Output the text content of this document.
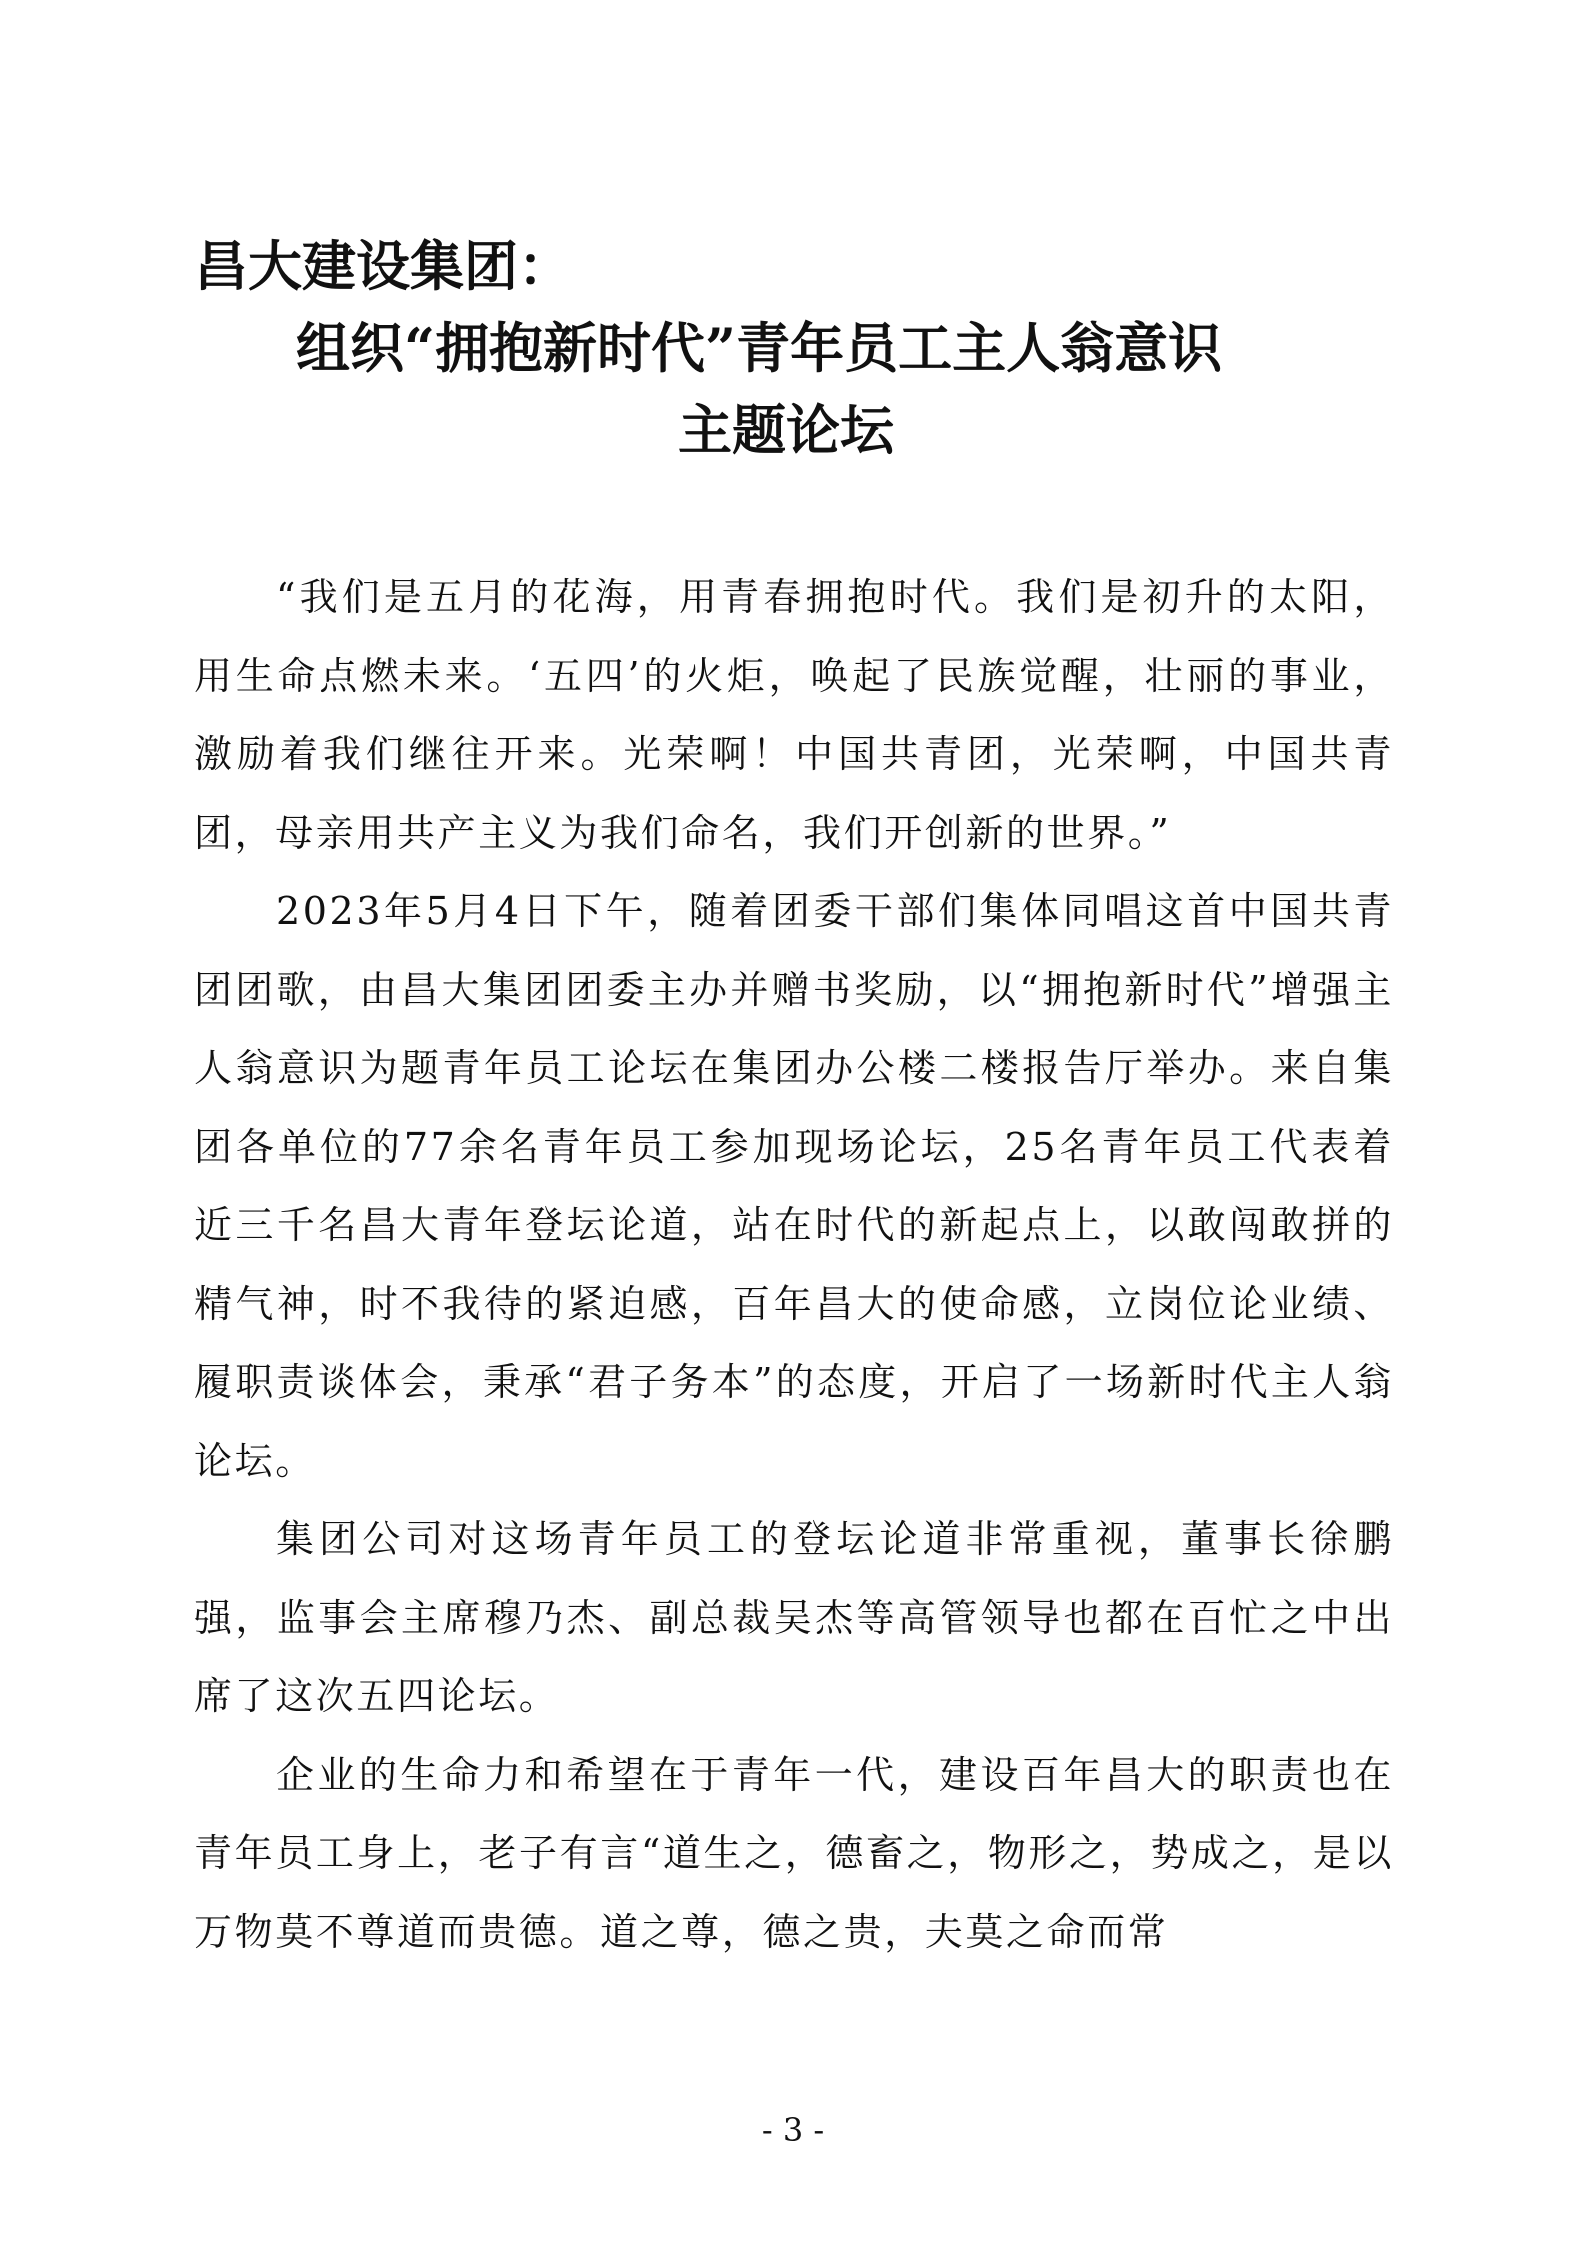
昌大建设集团：
组织“拥抱新时代”青年员工主人翁意识
主题论坛

“我们是五月的花海，用青春拥抱时代。我们是初升的太阳，用生命点燃未来。‘五四’的火炬，唤起了民族觉醒，壮丽的事业，激励着我们继往开来。光荣啊！中国共青团，光荣啊，中国共青团，母亲用共产主义为我们命名，我们开创新的世界。”

2023年5月4日下午，随着团委干部们集体同唱这首中国共青团团歌，由昌大集团团委主办并赠书奖励，以“拥抱新时代”增强主人翁意识为题青年员工论坛在集团办公楼二楼报告厅举办。来自集团各单位的77余名青年员工参加现场论坛，25名青年员工代表着近三千名昌大青年登坛论道，站在时代的新起点上，以敢闯敢拼的精气神，时不我待的紧迫感，百年昌大的使命感，立岗位论业绩、履职责谈体会，秉承“君子务本”的态度，开启了一场新时代主人翁论坛。

集团公司对这场青年员工的登坛论道非常重视，董事长徐鹏强，监事会主席穆乃杰、副总裁吴杰等高管领导也都在百忙之中出席了这次五四论坛。

企业的生命力和希望在于青年一代，建设百年昌大的职责也在青年员工身上，老子有言“道生之，德畜之，物形之，势成之，是以万物莫不尊道而贵德。道之尊，德之贵，夫莫之命而常

- 3 -
